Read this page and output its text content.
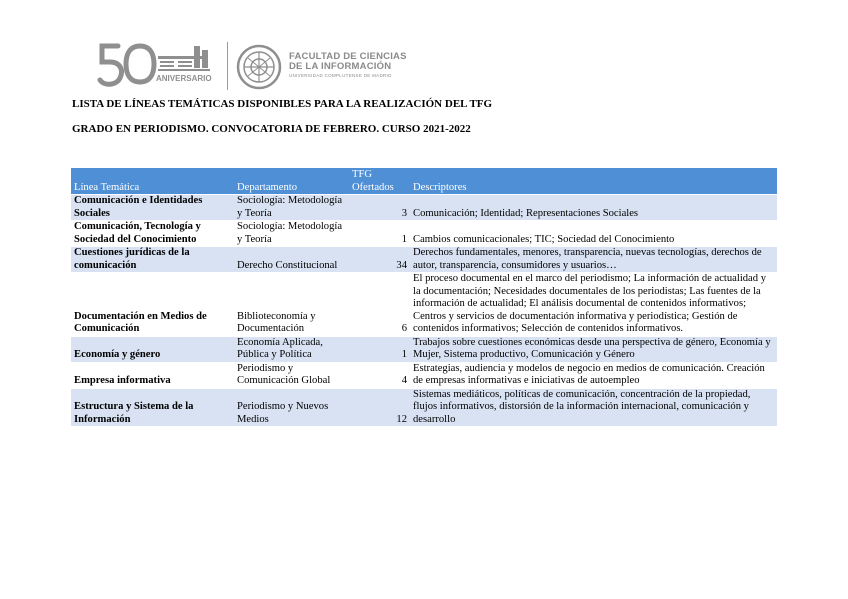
ANIVERSARIO
FACULTAD DE CIENCIAS
DE LA INFORMACIÓN
UNIVERSIDAD COMPLUTENSE DE MADRID
LISTA DE LÍNEAS TEMÁTICAS DISPONIBLES PARA LA REALIZACIÓN DEL TFG
GRADO EN PERIODISMO. CONVOCATORIA DE FEBRERO. CURSO 2021-2022
Línea Temática	Departamento	TFG Ofertados	Descriptores
Comunicación e Identidades Sociales	Sociología: Metodología y Teoría	3	Comunicación; Identidad; Representaciones Sociales
Comunicación, Tecnología y Sociedad del Conocimiento	Sociología: Metodología y Teoría	1	Cambios comunicacionales; TIC; Sociedad del Conocimiento
Cuestiones jurídicas de la comunicación	Derecho Constitucional	34	Derechos fundamentales, menores, transparencia, nuevas tecnologías, derechos de autor, transparencia, consumidores y usuarios…
Documentación en Medios de Comunicación	Biblioteconomía y Documentación	6	El proceso documental en el marco del periodismo; La información de actualidad y la documentación; Necesidades documentales de los periodistas; Las fuentes de la información de actualidad; El análisis documental de contenidos informativos; Centros y servicios de documentación informativa y periodística; Gestión de contenidos informativos; Selección de contenidos informativos.
Economía y género	Economía Aplicada, Pública y Política	1	Trabajos sobre cuestiones económicas desde una perspectiva de género, Economía y Mujer, Sistema productivo, Comunicación y Género
Empresa informativa	Periodismo y Comunicación Global	4	Estrategias, audiencia y modelos de negocio en medios de comunicación. Creación de empresas informativas e iniciativas de autoempleo
Estructura y Sistema de la Información	Periodismo y Nuevos Medios	12	Sistemas mediáticos, políticas de comunicación, concentración de la propiedad, flujos informativos, distorsión de la información internacional, comunicación y desarrollo
